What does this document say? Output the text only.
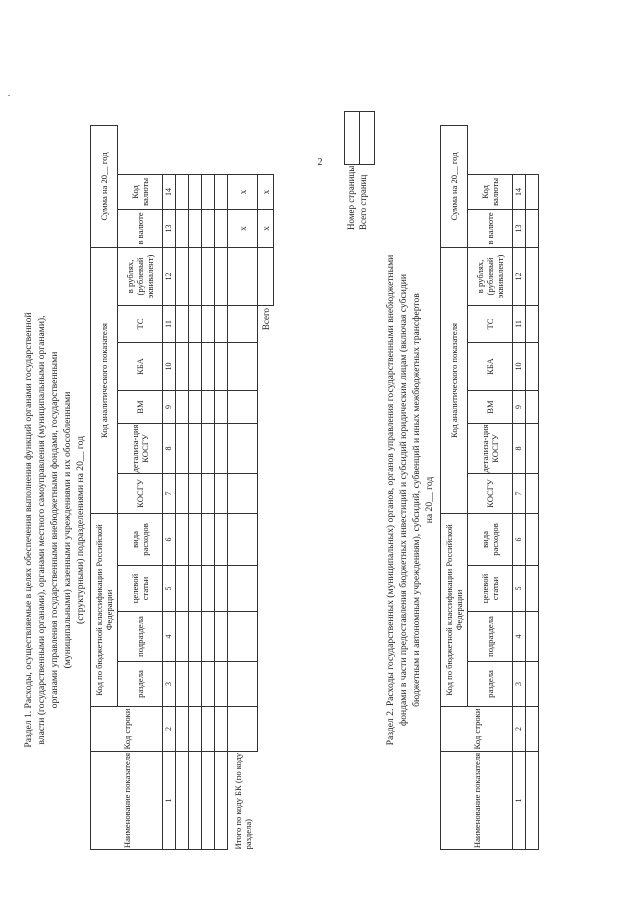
2
Раздел 1. Расходы, осуществляемые в целях обеспечения выполнения функций органами государственной власти (государственными органами), органами местного самоуправления (муниципальными органами), органами управления государственными внебюджетными фондами, государственными (муниципальными) казенными учреждениями и их обособленными (структурными) подразделениями на 20__ год
Наименование показателя	Код строки	Код по бюджетной классификации Российской Федерации				Код аналитического показателя						Сумма на 20__ год	
		раздела	подраздела	целевой статьи	вида расходов	КОСГУ	детализа-ция КОСГУ	ВМ	КБА	ТС	в рублях, (рублевый эквивалент)	в валюте	Код валюты

1	2	3	4	5	6	7	8	9	10	11	12	13	14

Итого по коду БК (по коду раздела)												x	x
										Всего		x	x	Номер страницы Всего страниц

Раздел 2. Расходы государственных (муниципальных) органов, органов управления государственными внебюджетными фондами в части предоставления бюджетных инвестиций и субсидий юридическим лицам (включая субсидии бюджетным и автономным учреждениям), субсидий, субвенций и иных межбюджетных трансфертов на 20__ год
Наименование показателя	Код строки	Код по бюджетной классификации Российской Федерации				Код аналитического показателя						Сумма на 20__ год	
		раздела	подраздела	целевой статьи	вида расходов	КОСГУ	детализа-ция КОСГУ	ВМ	КБА	ТС	в рублях, (рублевый эквивалент)	в валюте	Код валюты

1	2	3	4	5	6	7	8	9	10	11	12	13	14
